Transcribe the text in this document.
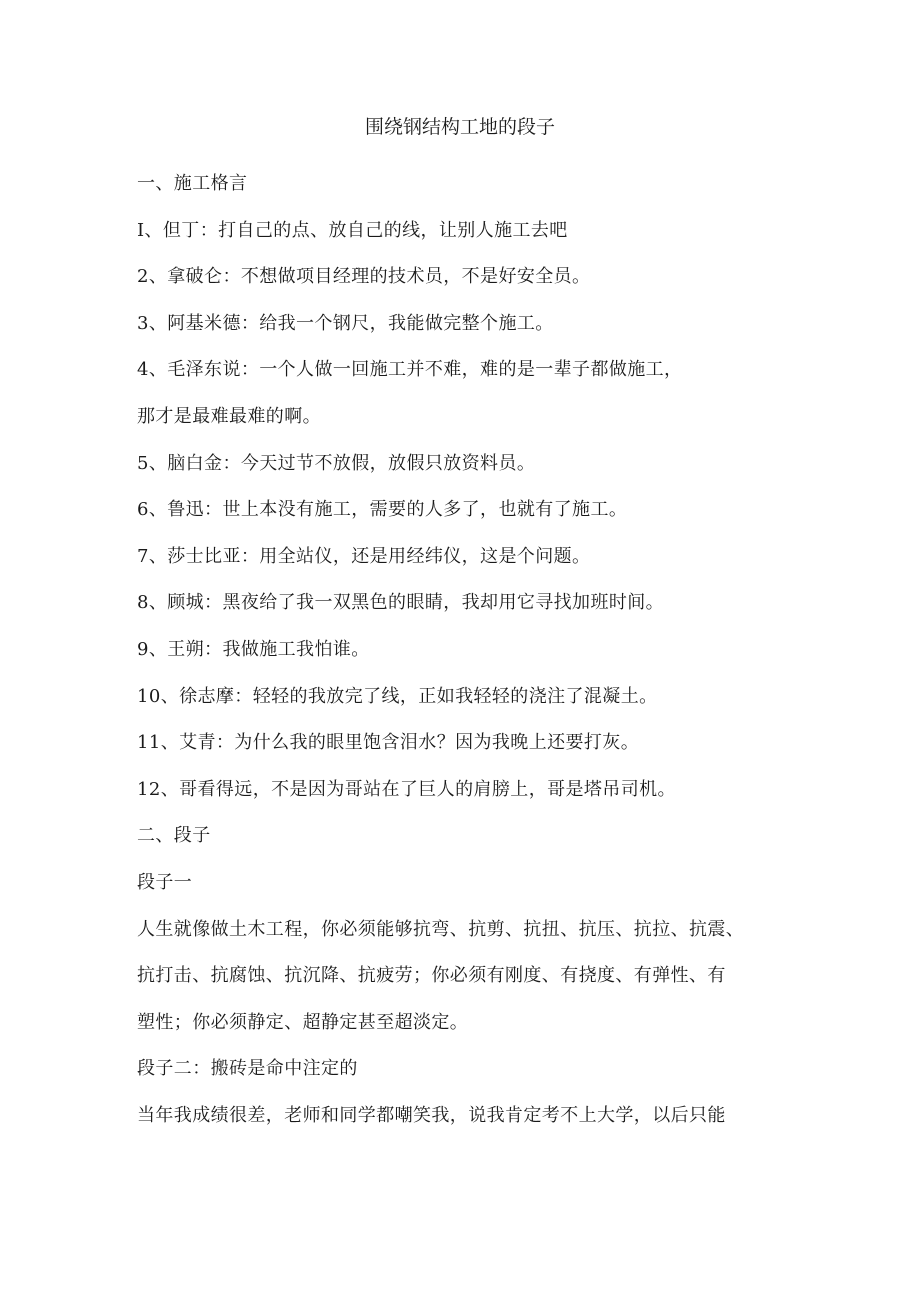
围绕钢结构工地的段子
一、施工格言
I、但丁：打自己的点、放自己的线，让别人施工去吧
2、拿破仑：不想做项目经理的技术员，不是好安全员。
3、阿基米德：给我一个钢尺，我能做完整个施工。
4、毛泽东说：一个人做一回施工并不难，难的是一辈子都做施工，
那才是最难最难的啊。
5、脑白金：今天过节不放假，放假只放资料员。
6、鲁迅：世上本没有施工，需要的人多了，也就有了施工。
7、莎士比亚：用全站仪，还是用经纬仪，这是个问题。
8、顾城：黑夜给了我一双黑色的眼睛，我却用它寻找加班时间。
9、王朔：我做施工我怕谁。
10、徐志摩：轻轻的我放完了线，正如我轻轻的浇注了混凝土。
11、艾青：为什么我的眼里饱含泪水？因为我晚上还要打灰。
12、哥看得远，不是因为哥站在了巨人的肩膀上，哥是塔吊司机。
二、段子
段子一
人生就像做土木工程，你必须能够抗弯、抗剪、抗扭、抗压、抗拉、抗震、
抗打击、抗腐蚀、抗沉降、抗疲劳；你必须有刚度、有挠度、有弹性、有
塑性；你必须静定、超静定甚至超淡定。
段子二：搬砖是命中注定的
当年我成绩很差，老师和同学都嘲笑我，说我肯定考不上大学，以后只能
